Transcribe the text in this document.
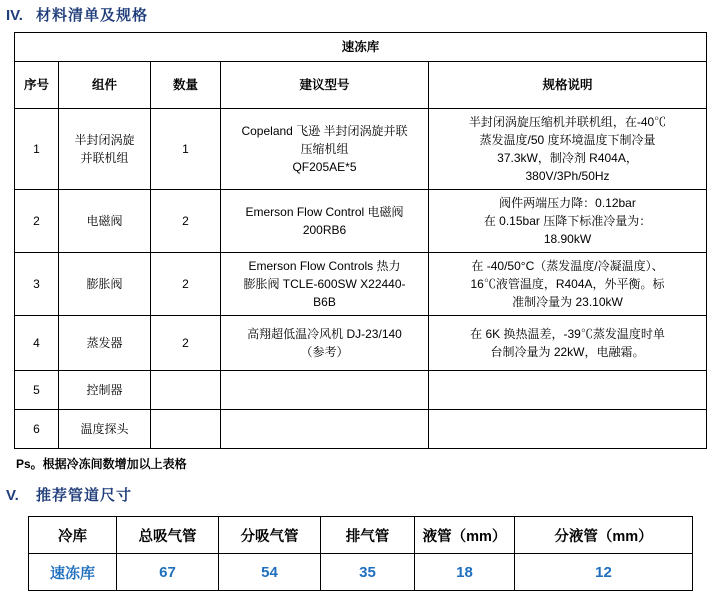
IV. 材料清单及规格
速冻库				
序号	组件	数量	建议型号	规格说明
1	半封闭涡旋
并联机组	1	Copeland 飞逊 半封闭涡旋并联
压缩机组
QF205AE*5	半封闭涡旋压缩机并联机组，在-40℃
蒸发温度/50 度环境温度下制冷量
37.3kW，制冷剂 R404A，
380V/3Ph/50Hz

2	电磁阀	2	Emerson Flow Control 电磁阀
200RB6	阀件两端压力降：0.12bar
在 0.15bar 压降下标准冷量为：
18.90kW

3	膨胀阀	2	Emerson Flow Controls 热力
膨胀阀 TCLE-600SW X22440-
B6B	在 -40/50°C（蒸发温度/冷凝温度）、
16℃液管温度，R404A，外平衡。标
准制冷量为 23.10kW

4	蒸发器	2	高翔超低温冷风机 DJ-23/140
（参考）	在 6K 换热温差，-39℃蒸发温度时单
台制冷量为 22kW，电融霜。

5	控制器			
6	温度探头			
Ps。根据冷冻间数增加以上表格
V.	推荐管道尺寸
冷库	总吸气管	分吸气管	排气管	液管（mm）	分液管（mm）
速冻库	67	54	35	18	12
